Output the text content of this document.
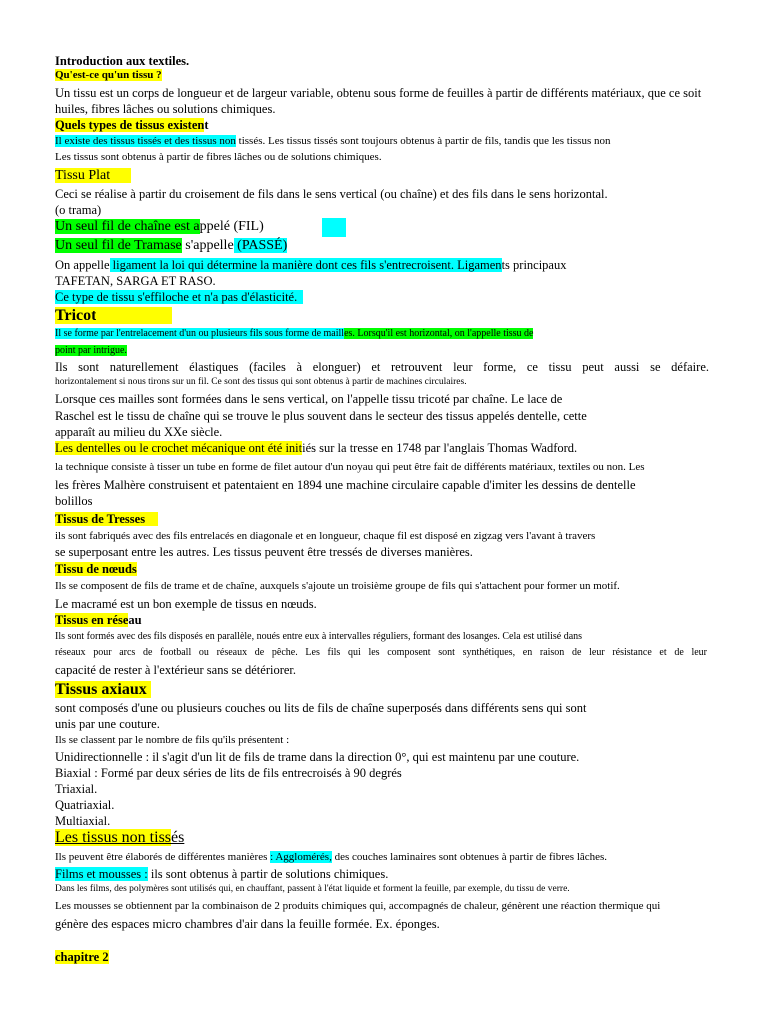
Introduction aux textiles.
Qu'est-ce qu'un tissu ?
Un tissu est un corps de longueur et de largeur variable, obtenu sous forme de feuilles à partir de différents matériaux, que ce soit
huiles, fibres lâches ou solutions chimiques.
Quels types de tissus existent
Il existe des tissus tissés et des tissus non tissés. Les tissus tissés sont toujours obtenus à partir de fils, tandis que les tissus non
Les tissus sont obtenus à partir de fibres lâches ou de solutions chimiques.
Tissu Plat
Ceci se réalise à partir du croisement de fils dans le sens vertical (ou chaîne) et des fils dans le sens horizontal.
(o trama)
Un seul fil de chaîne est appelé (FIL)
Un seul fil de Tramase s'appelle (PASSÉ)
On appelle ligament la loi qui détermine la manière dont ces fils s'entrecroisent. Ligaments principaux
TAFETAN, SARGA ET RASO.
Ce type de tissu s'effiloche et n'a pas d'élasticité.
Tricot
Il se forme par l'entrelacement d'un ou plusieurs fils sous forme de mailles. Lorsqu'il est horizontal, on l'appelle tissu de
point par intrigue.
Ils sont naturellement élastiques (faciles à elonguer) et retrouvent leur forme, ce tissu peut aussi se défaire.
horizontalement si nous tirons sur un fil. Ce sont des tissus qui sont obtenus à partir de machines circulaires.
Lorsque ces mailles sont formées dans le sens vertical, on l'appelle tissu tricoté par chaîne. Le lace de
Raschel est le tissu de chaîne qui se trouve le plus souvent dans le secteur des tissus appelés dentelle, cette
apparaît au milieu du XXe siècle.
Les dentelles ou le crochet mécanique ont été initiés sur la tresse en 1748 par l'anglais Thomas Wadford.
la technique consiste à tisser un tube en forme de filet autour d'un noyau qui peut être fait de différents matériaux, textiles ou non. Les
les frères Malhère construisent et patentaient en 1894 une machine circulaire capable d'imiter les dessins de dentelle
bolillos
Tissus de Tresses
ils sont fabriqués avec des fils entrelacés en diagonale et en longueur, chaque fil est disposé en zigzag vers l'avant à travers
se superposant entre les autres. Les tissus peuvent être tressés de diverses manières.
Tissu de nœuds
Ils se composent de fils de trame et de chaîne, auxquels s'ajoute un troisième groupe de fils qui s'attachent pour former un motif.
Le macramé est un bon exemple de tissus en nœuds.
Tissus en réseau
Ils sont formés avec des fils disposés en parallèle, noués entre eux à intervalles réguliers, formant des losanges. Cela est utilisé dans
réseaux pour arcs de football ou réseaux de pêche. Les fils qui les composent sont synthétiques, en raison de leur résistance et de leur
capacité de rester à l'extérieur sans se détériorer.
Tissus axiaux
sont composés d'une ou plusieurs couches ou lits de fils de chaîne superposés dans différents sens qui sont
unis par une couture.
Ils se classent par le nombre de fils qu'ils présentent :
Unidirectionnelle : il s'agit d'un lit de fils de trame dans la direction 0°, qui est maintenu par une couture.
Biaxial : Formé par deux séries de lits de fils entrecroisés à 90 degrés
Triaxial.
Quatriaxial.
Multiaxial.
Les tissus non tissés
Ils peuvent être élaborés de différentes manières : Agglomérés, des couches laminaires sont obtenues à partir de fibres lâches.
Films et mousses : ils sont obtenus à partir de solutions chimiques.
Dans les films, des polymères sont utilisés qui, en chauffant, passent à l'état liquide et forment la feuille, par exemple, du tissu de verre.
Les mousses se obtiennent par la combinaison de 2 produits chimiques qui, accompagnés de chaleur, génèrent une réaction thermique qui
génère des espaces micro chambres d'air dans la feuille formée. Ex. éponges.
chapitre 2
